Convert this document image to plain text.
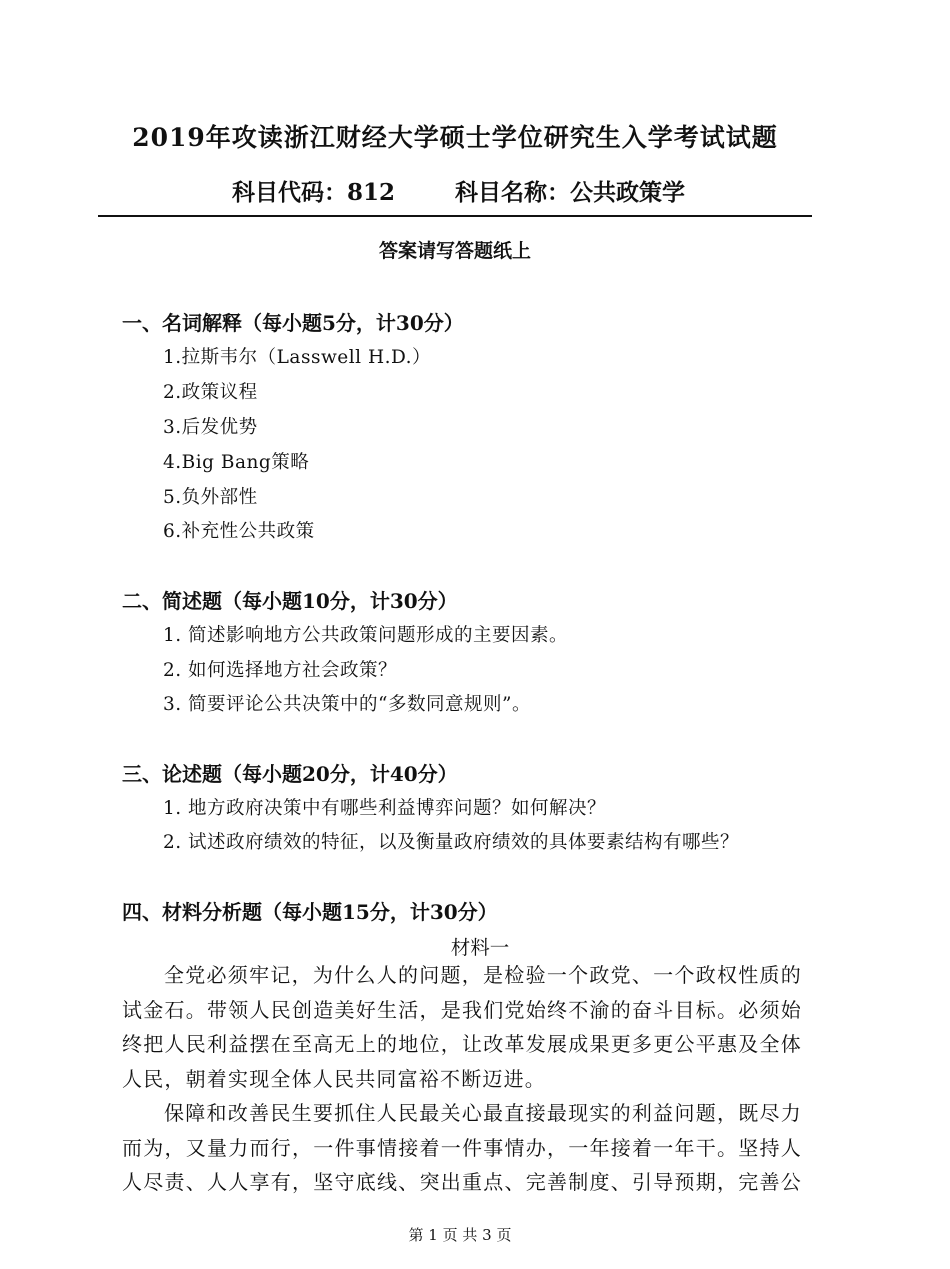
2019年攻读浙江财经大学硕士学位研究生入学考试试题
科目代码：812	科目名称：公共政策学
答案请写答题纸上
一、名词解释（每小题5分，计30分）
1.拉斯韦尔（Lasswell H.D.）
2.政策议程
3.后发优势
4.Big Bang策略
5.负外部性
6.补充性公共政策
二、简述题（每小题10分，计30分）
1. 简述影响地方公共政策问题形成的主要因素。
2. 如何选择地方社会政策？
3. 简要评论公共决策中的“多数同意规则”。
三、论述题（每小题20分，计40分）
1. 地方政府决策中有哪些利益博弈问题？如何解决？
2. 试述政府绩效的特征，以及衡量政府绩效的具体要素结构有哪些？
四、材料分析题（每小题15分，计30分）
材料一
全党必须牢记，为什么人的问题，是检验一个政党、一个政权性质的
试金石。带领人民创造美好生活，是我们党始终不渝的奋斗目标。必须始
终把人民利益摆在至高无上的地位，让改革发展成果更多更公平惠及全体
人民，朝着实现全体人民共同富裕不断迈进。
保障和改善民生要抓住人民最关心最直接最现实的利益问题，既尽力
而为，又量力而行，一件事情接着一件事情办，一年接着一年干。坚持人
人尽责、人人享有，坚守底线、突出重点、完善制度、引导预期，完善公
第 1 页 共 3 页
